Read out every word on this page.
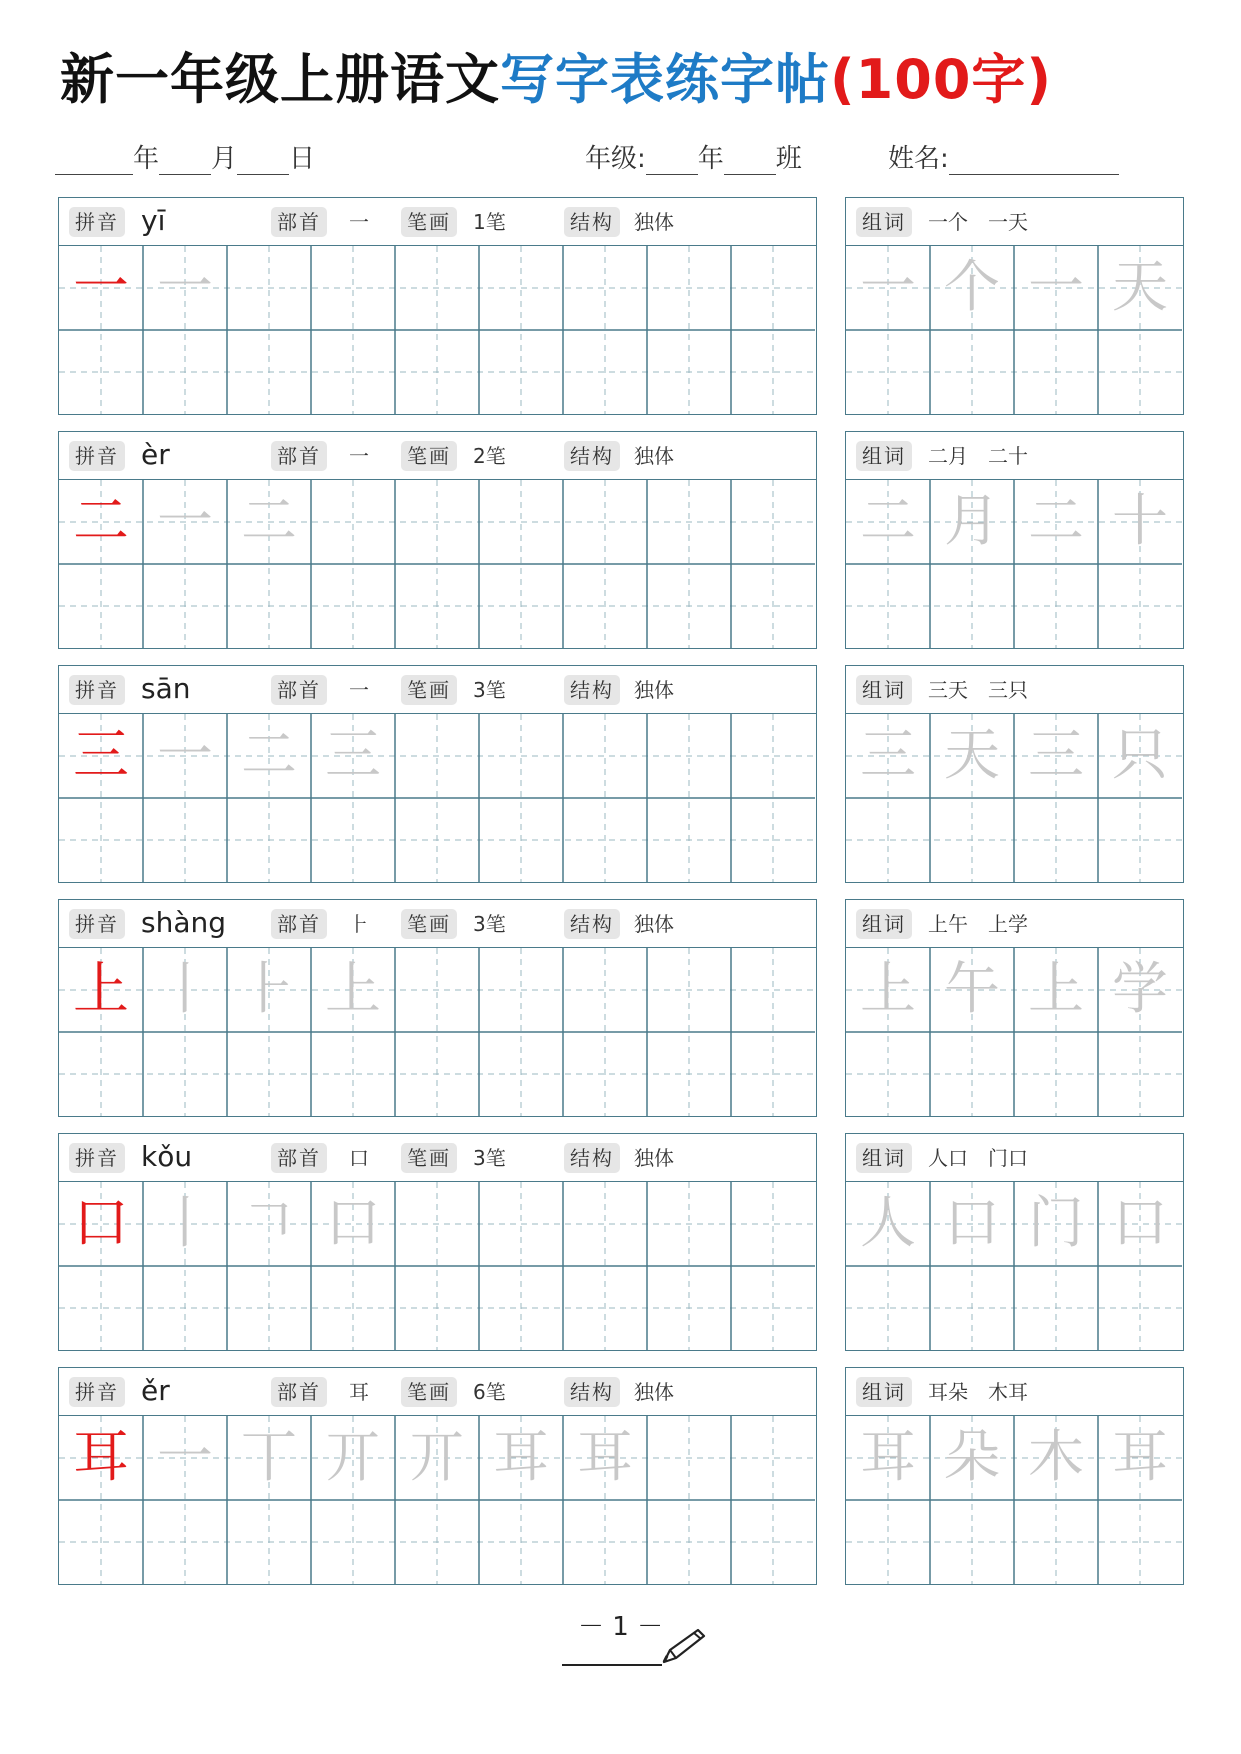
新一年级上册语文写字表练字帖(100字)
年 月 日	年级: 年 班	姓名:
拼音 yī	部首	一	笔画	1笔	结构	独体
一 一
组词	一个　一天
一 个 一 天
拼音 èr	部首	一	笔画	2笔	结构	独体
二 一 二
组词	二月　二十
二 月 二 十
拼音 sān	部首	一	笔画	3笔	结构	独体
三 一 二 三
组词	三天　三只
三 天 三 只
拼音 shàng	部首	⺊	笔画	3笔	结构	独体
上 丨 ⺊ 上
组词	上午　上学
上 午 上 学
拼音 kǒu	部首	口	笔画	3笔	结构	独体
口 丨 𠃍 口
组词	人口　门口
人 口 门 口
拼音 ěr	部首	耳	笔画	6笔	结构	独体
耳 一 丅 丌 丌 耳 耳
组词	耳朵　木耳
耳 朵 木 耳
－ 1 －
